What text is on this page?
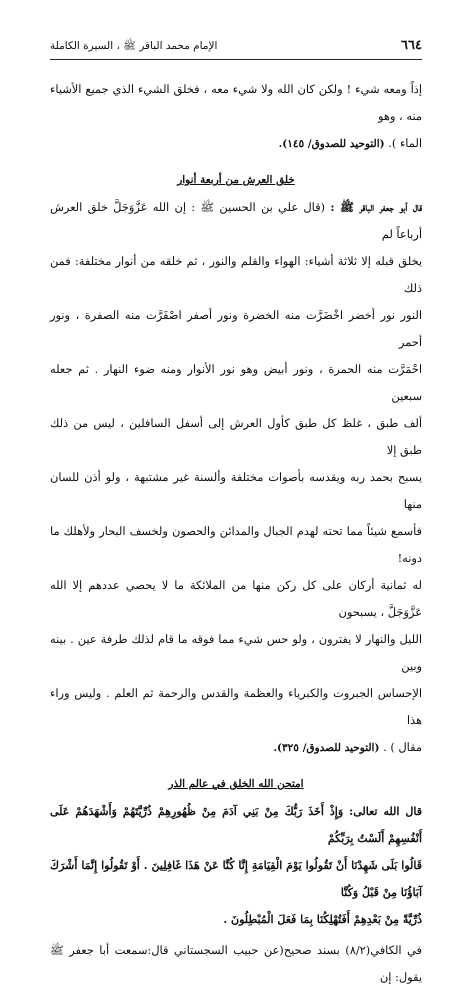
٦٦٤
الإمام محمد الباقر ﷺ ، السيرة الكاملة

إذاً ومعه شيء ! ولكن كان الله ولا شيء معه ، فخلق الشيء الذي جميع الأشياء منه ، وهو

الماء ). (التوحيد للصدوق/ ١٤٥).

خلق العرش من أربعة أنوار

قال أبو جعفر الباقر ﷺ : (قال علي بن الحسين ﷺ : إن الله عَزَّوَجَلَّ خلق العرش أرباعاً لم

يخلق قبله إلا ثلاثة أشياء: الهواء والقلم والنور ، ثم خلقه من أنوار مختلفة: فمن ذلك

النور نور أخضر اخْضَرَّت منه الخضرة ونور أصفر اصْفَرَّت منه الصفرة ، ونور أحمر

احْمَرَّت منه الحمرة ، ونور أبيض وهو نور الأنوار ومنه ضوء النهار . ثم جعله سبعين

ألف طبق ، غلظ كل طبق كأول العرش إلى أسفل السافلين ، ليس من ذلك طبق إلا

يسبح بحمد ربه ويقدسه بأصوات مختلفة وألسنة غير مشتبهة ، ولو أذن للسان منها

فأسمع شيئاً مما تحته لهدم الجبال والمدائن والحصون ولخسف البحار ولأهلك ما دونه!

له ثمانية أركان على كل ركن منها من الملائكة ما لا يحصي عددهم إلا الله عَزَّوَجَلَّ ، يسبحون

الليل والنهار لا يفترون ، ولو حس شيء مما فوقه ما قام لذلك طرفة عين . بينه وبين

الإحساس الجبروت والكبرياء والعظمة والقدس والرحمة ثم العلم . وليس وراء هذا

مقال ) . (التوحيد للصدوق/ ٣٢٥).

امتحن الله الخلق في عالم الذر

قال الله تعالى: وَإِذْ أَخَذَ رَبُّكَ مِنْ بَنِي آدَمَ مِنْ ظُهُورِهِمْ ذُرِّيَّتَهُمْ وَأَشْهَدَهُمْ عَلَى أَنْفُسِهِمْ أَلَسْتُ بِرَبِّكُمْ

قَالُوا بَلَى شَهِدْنَا أَنْ تَقُولُوا يَوْمَ الْقِيَامَةِ إِنَّا كُنَّا عَنْ هَذَا غَافِلِينَ . أَوْ تَقُولُوا إِنَّمَا أَشْرَكَ آبَاؤُنَا مِنْ قَبْلُ وَكُنَّا

ذُرِّيَّةً مِنْ بَعْدِهِمْ أَفَتُهْلِكُنَا بِمَا فَعَلَ الْمُبْطِلُونَ .

في الكافي(٨/٢) بسند صحيح(عن حبيب السجستاني قال:سمعت أبا جعفر ﷺ يقول: إن
